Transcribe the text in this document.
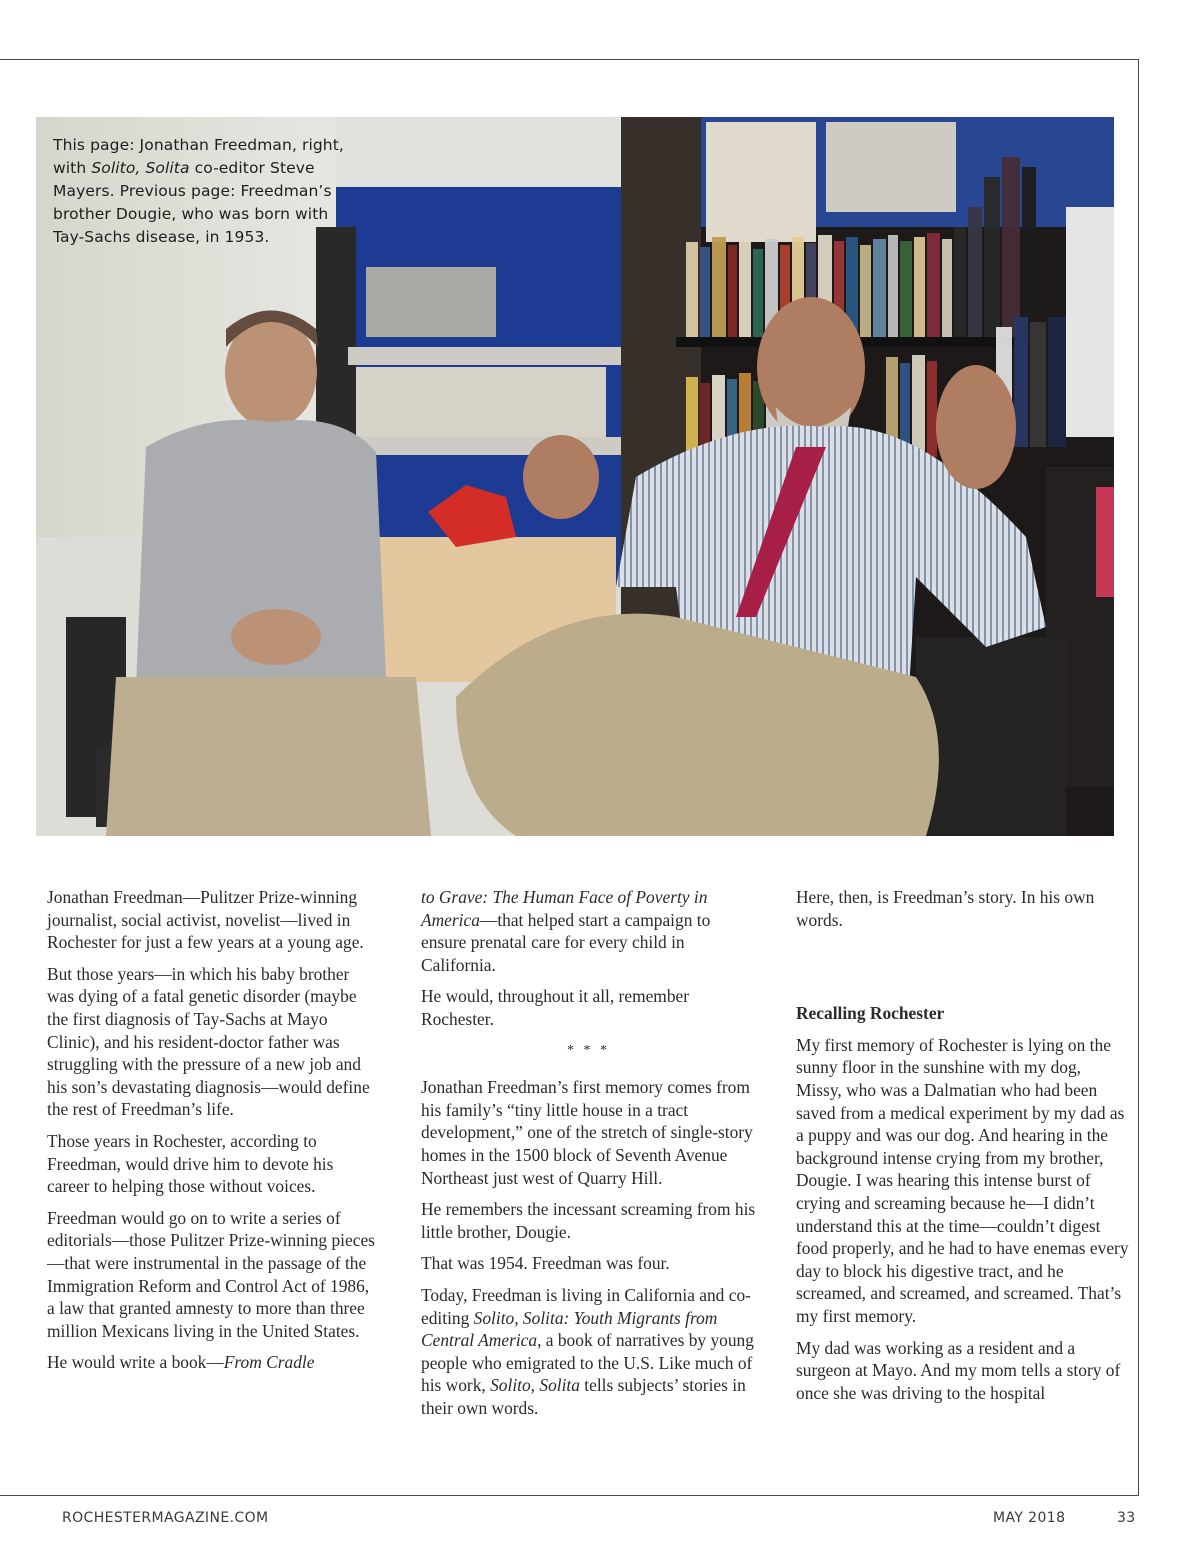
This page: Jonathan Freedman, right, with Solito, Solita co-editor Steve Mayers. Previous page: Freedman’s brother Dougie, who was born with Tay-Sachs disease, in 1953.

Jonathan Freedman—Pulitzer Prize-winning journalist, social activist, novelist—lived in Rochester for just a few years at a young age.

But those years—in which his baby brother was dying of a fatal genetic disorder (maybe the first diagnosis of Tay-Sachs at Mayo Clinic), and his resident-doctor father was struggling with the pressure of a new job and his son’s devastating diagnosis—would define the rest of Freedman’s life.

Those years in Rochester, according to Freedman, would drive him to devote his career to helping those without voices.

Freedman would go on to write a series of editorials—those Pulitzer Prize-winning pieces—that were instrumental in the passage of the Immigration Reform and Control Act of 1986, a law that granted amnesty to more than three million Mexicans living in the United States.

He would write a book—From Cradle

to Grave: The Human Face of Poverty in America—that helped start a campaign to ensure prenatal care for every child in California.

He would, throughout it all, remember Rochester.

* * *

Jonathan Freedman’s first memory comes from his family’s “tiny little house in a tract development,” one of the stretch of single-story homes in the 1500 block of Seventh Avenue Northeast just west of Quarry Hill.

He remembers the incessant screaming from his little brother, Dougie.

That was 1954. Freedman was four.

Today, Freedman is living in California and co-editing Solito, Solita: Youth Migrants from Central America, a book of narratives by young people who emigrated to the U.S. Like much of his work, Solito, Solita tells subjects’ stories in their own words.

Here, then, is Freedman’s story. In his own words.

Recalling Rochester

My first memory of Rochester is lying on the sunny floor in the sunshine with my dog, Missy, who was a Dalmatian who had been saved from a medical experiment by my dad as a puppy and was our dog. And hearing in the background intense crying from my brother, Dougie. I was hearing this intense burst of crying and screaming because he—I didn’t understand this at the time—couldn’t digest food properly, and he had to have enemas every day to block his digestive tract, and he screamed, and screamed, and screamed. That’s my first memory.

My dad was working as a resident and a surgeon at Mayo. And my mom tells a story of once she was driving to the hospital

ROCHESTERMAGAZINE.COM	MAY 2018	33
